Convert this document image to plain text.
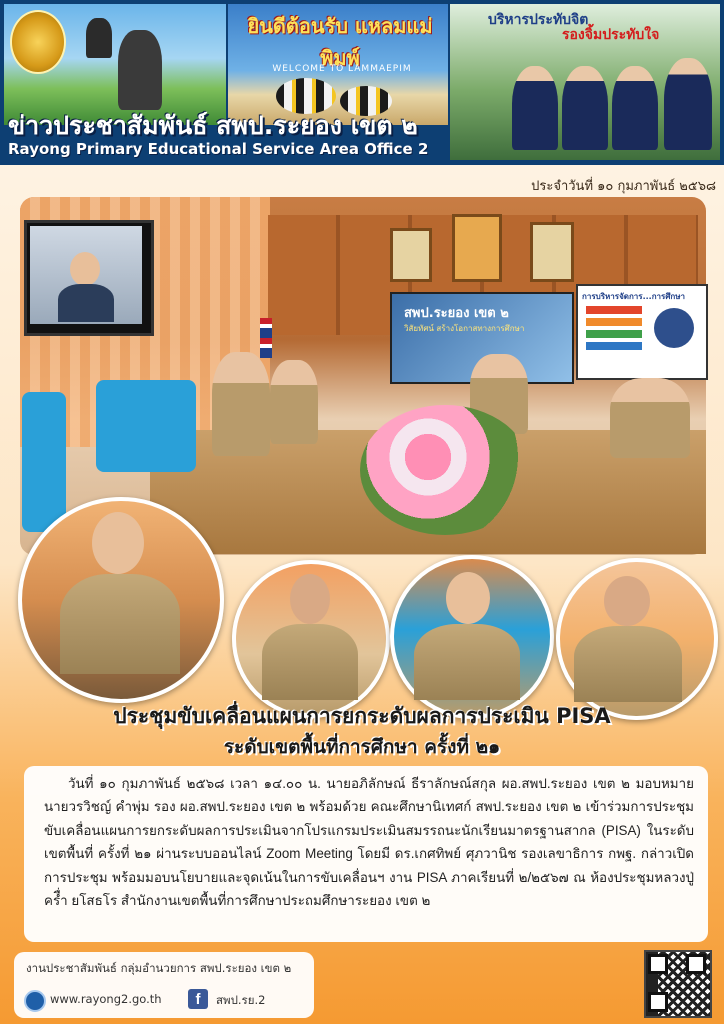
ยินดีต้อนรับ แหลมแม่พิมพ์
WELCOME TO LAMMAEPIM
บริหารประทับจิต
รองจิ้มประทับใจ
ข่าวประชาสัมพันธ์ สพป.ระยอง เขต ๒
Rayong Primary Educational Service Area Office 2
ประจำวันที่ ๑๐ กุมภาพันธ์ ๒๕๖๘
สพป.ระยอง เขต ๒
วิสัยทัศน์ สร้างโอกาสทางการศึกษา
การบริหารจัดการ...การศึกษา
ประชุมขับเคลื่อนแผนการยกระดับผลการประเมิน PISA
ระดับเขตพื้นที่การศึกษา ครั้งที่ ๒๑
วันที่ ๑๐ กุมภาพันธ์ ๒๕๖๘ เวลา ๑๔.๐๐ น. นายอภิลักษณ์ ธีราลักษณ์สกุล ผอ.สพป.ระยอง เขต ๒ มอบหมาย นายวรวิชญ์ คำพุ่ม รอง ผอ.สพป.ระยอง เขต ๒ พร้อมด้วย คณะศึกษานิเทศก์ สพป.ระยอง เขต ๒ เข้าร่วมการประชุมขับเคลื่อนแผนการยกระดับผลการประเมินจากโปรแกรมประเมินสมรรถนะนักเรียนมาตรฐานสากล (PISA) ในระดับเขตพื้นที่ ครั้งที่ ๒๑ ผ่านระบบออนไลน์ Zoom Meeting โดยมี ดร.เกศทิพย์ ศุภวานิช รองเลขาธิการ กพฐ. กล่าวเปิดการประชุม พร้อมมอบนโยบายและจุดเน้นในการขับเคลื่อนฯ งาน PISA ภาคเรียนที่ ๒/๒๕๖๗ ณ ห้องประชุมหลวงปู่ครื่ำ ยโสธโร สำนักงานเขตพื้นที่การศึกษาประถมศึกษาระยอง เขต ๒
งานประชาสัมพันธ์ กลุ่มอำนวยการ สพป.ระยอง เขต ๒
www.rayong2.go.th	f	สพป.รย.2
